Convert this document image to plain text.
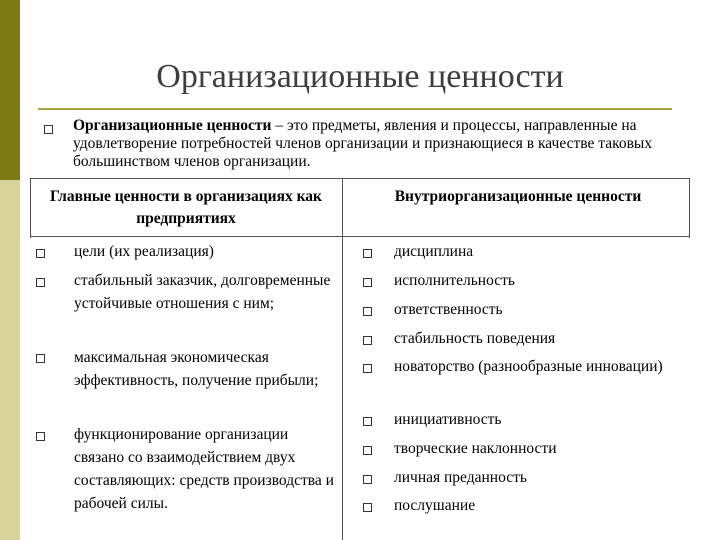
Организационные ценности

Организационные ценности – это предметы, явления и процессы, направленные на удовлетворение потребностей членов организации и признающиеся в качестве таковых большинством членов организации.

Главные ценности в организациях как предприятиях

Внутриорганизационные ценности

цели (их реализация)

стабильный заказчик, долговременные устойчивые отношения с ним;

максимальная экономическая эффективность, получение прибыли;

функционирование организации связано со взаимодействием двух составляющих: средств производства и рабочей силы.

дисциплина

исполнительность

ответственность

стабильность поведения

новаторство (разнообразные инновации)

инициативность

творческие наклонности

личная преданность

послушание
